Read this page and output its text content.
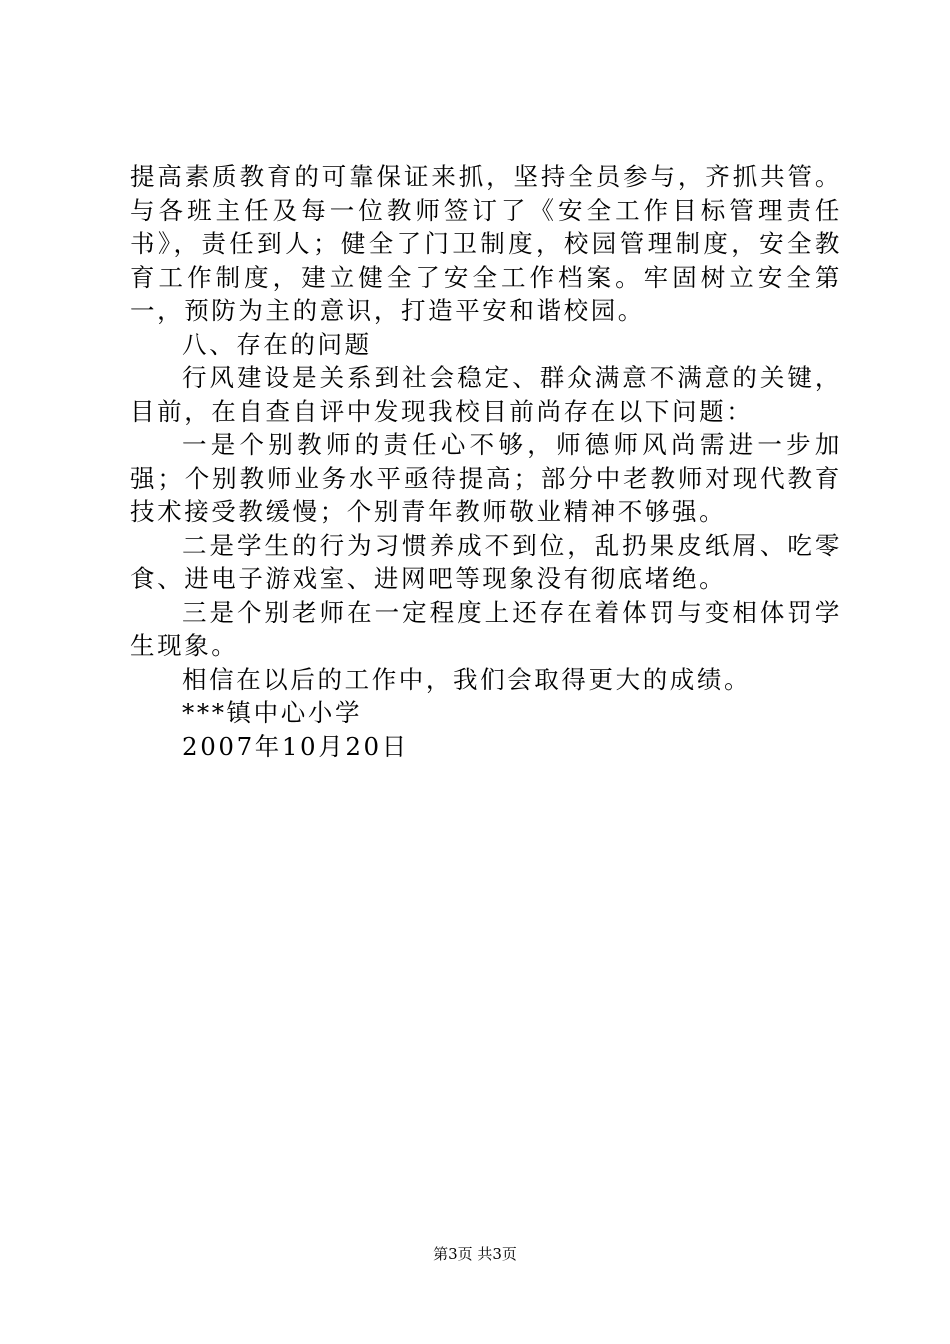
提高素质教育的可靠保证来抓，坚持全员参与，齐抓共管。与各班主任及每一位教师签订了《安全工作目标管理责任书》，责任到人；健全了门卫制度，校园管理制度，安全教育工作制度，建立健全了安全工作档案。牢固树立安全第一，预防为主的意识，打造平安和谐校园。

八、存在的问题

行风建设是关系到社会稳定、群众满意不满意的关键，目前，在自查自评中发现我校目前尚存在以下问题：

一是个别教师的责任心不够，师德师风尚需进一步加强；个别教师业务水平亟待提高；部分中老教师对现代教育技术接受教缓慢；个别青年教师敬业精神不够强。

二是学生的行为习惯养成不到位，乱扔果皮纸屑、吃零食、进电子游戏室、进网吧等现象没有彻底堵绝。

三是个别老师在一定程度上还存在着体罚与变相体罚学生现象。

相信在以后的工作中，我们会取得更大的成绩。

***镇中心小学

2007年10月20日

第3页 共3页
